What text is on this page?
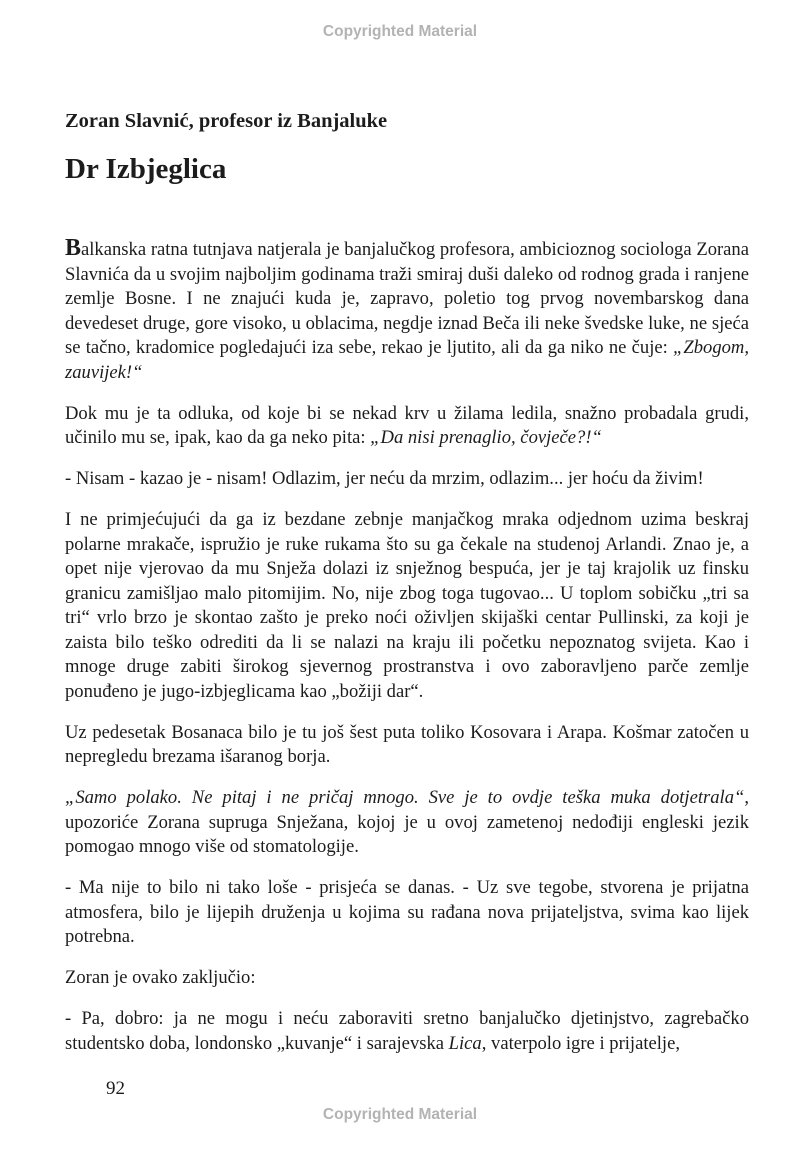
Copyrighted Material

Zoran Slavnić, profesor iz Banjaluke

Dr Izbjeglica

Balkanska ratna tutnjava natjerala je banjalučkog profesora, ambicioznog sociologa Zorana Slavnića da u svojim najboljim godinama traži smiraj duši daleko od rodnog grada i ranjene zemlje Bosne. I ne znajući kuda je, zapravo, poletio tog prvog novembarskog dana devedeset druge, gore visoko, u oblacima, negdje iznad Beča ili neke švedske luke, ne sjeća se tačno, kradomice pogledajući iza sebe, rekao je ljutito, ali da ga niko ne čuje: „Zbogom, zauvijek!“

Dok mu je ta odluka, od koje bi se nekad krv u žilama ledila, snažno probadala grudi, učinilo mu se, ipak, kao da ga neko pita: „Da nisi prenaglio, čovječe?!“

- Nisam - kazao je - nisam! Odlazim, jer neću da mrzim, odlazim... jer hoću da živim!

I ne primjećujući da ga iz bezdane zebnje manjačkog mraka odjednom uzima beskraj polarne mrakače, ispružio je ruke rukama što su ga čekale na studenoj Arlandi. Znao je, a opet nije vjerovao da mu Snježa dolazi iz snježnog bespuća, jer je taj krajolik uz finsku granicu zamišljao malo pitomijim. No, nije zbog toga tugovao... U toplom sobičku „tri sa tri“ vrlo brzo je skontao zašto je preko noći oživljen skijaški centar Pullinski, za koji je zaista bilo teško odrediti da li se nalazi na kraju ili početku nepoznatog svijeta. Kao i mnoge druge zabiti širokog sjevernog prostranstva i ovo zaboravljeno parče zemlje ponuđeno je jugo-izbjeglicama kao „božiji dar“.

Uz pedesetak Bosanaca bilo je tu još šest puta toliko Kosovara i Arapa. Košmar zatočen u nepregledu brezama išaranog borja.

„Samo polako. Ne pitaj i ne pričaj mnogo. Sve je to ovdje teška muka dotjetrala“, upozoriće Zorana supruga Snježana, kojoj je u ovoj zametenoj nedođiji engleski jezik pomogao mnogo više od stomatologije.

- Ma nije to bilo ni tako loše - prisjeća se danas. - Uz sve tegobe, stvorena je prijatna atmosfera, bilo je lijepih druženja u kojima su rađana nova prijateljstva, svima kao lijek potrebna.

Zoran je ovako zaključio:

- Pa, dobro: ja ne mogu i neću zaboraviti sretno banjalučko djetinjstvo, zagrebačko studentsko doba, londonsko „kuvanje“ i sarajevska Lica, vaterpolo igre i prijatelje,

92
Copyrighted Material
